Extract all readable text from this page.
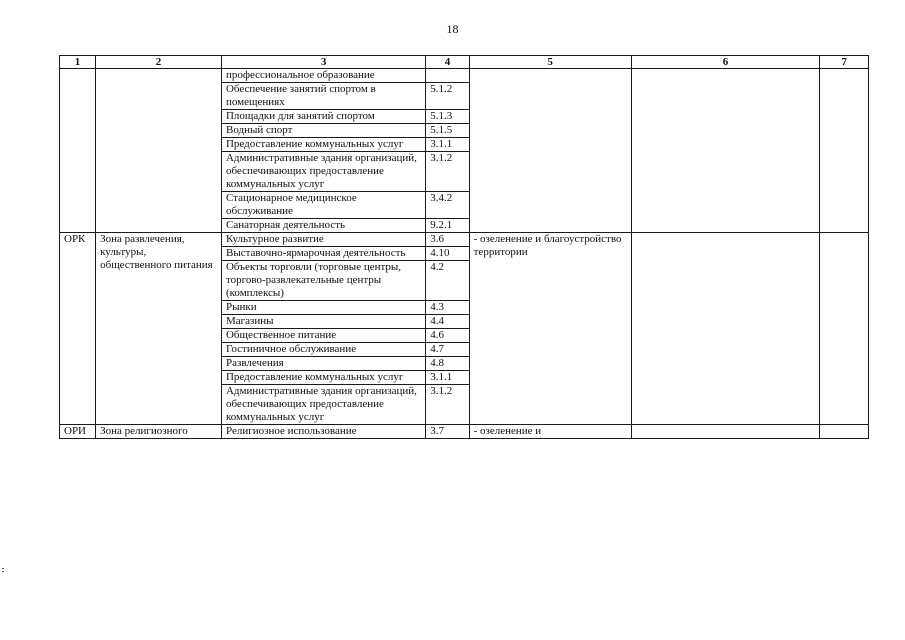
18
1	2	3	4	5	6	7
		профессиональное образование				
		Обеспечение занятий спортом в помещениях	5.1.2			
		Площадки для занятий спортом	5.1.3			
		Водный спорт	5.1.5			
		Предоставление коммунальных услуг	3.1.1			
		Административные здания организаций, обеспечивающих предоставление коммунальных услуг	3.1.2			
		Стационарное медицинское обслуживание	3.4.2			
		Санаторная деятельность	9.2.1			
ОРК	Зона развлечения, культуры, общественного питания	Культурное развитие	3.6	- озеленение и благоустройство территории		
		Выставочно-ярмарочная деятельность	4.10			
		Объекты торговли (торговые центры, торгово-развлекательные центры (комплексы)	4.2			
		Рынки	4.3			
		Магазины	4.4			
		Общественное питание	4.6			
		Гостиничное обслуживание	4.7			
		Развлечения	4.8			
		Предоставление коммунальных услуг	3.1.1			
		Административные здания организаций, обеспечивающих предоставление коммунальных услуг	3.1.2			
ОРИ	Зона религиозного	Религиозное использование	3.7	- озеленение и		
